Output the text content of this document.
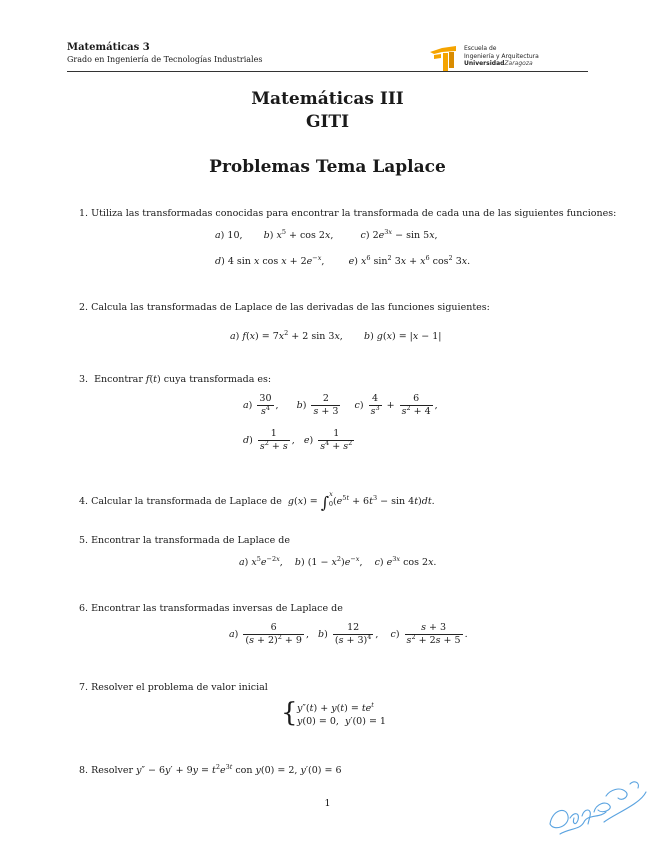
Matemáticas 3
Grado en Ingeniería de Tecnologías Industriales
Escuela de
Ingeniería y Arquitectura
UniversidadZaragoza
Matemáticas III
GITI
Problemas Tema Laplace
1. Utiliza las transformadas conocidas para encontrar la transformada de cada una de las siguientes funciones:
a) 10,       b) $x^5 + \cos 2x$,         c) $2e^{3x} - \sin 5x$,
d) 4 sin x $\cos x + 2e^{-x}$,        e) $x^6$ $\sin^2 3x + x^6$ $\cos^2 3x$.
2. Calcula las transformadas de Laplace de las derivadas de las funciones siguientes:
a) $f(x) = 7x^2 + 2$ sin 3x,       b) g(x) = |x − 1|
3.  Encontrar f(t) cuya transformada es:
$a) \frac{30}{s^4}$ ,      $b) \frac{2}{s + 3} c) \frac{4}{s^3} + \frac{6}{s^2 + 4}$ ,
$d) \frac{1}{s^2 + s}$ ,   $e) \frac{1}{s^4 + s^2}$
4. Calcular la transformada de Laplace de $g(x) = \int^x_0(e^{5t} + 6t^3 - \sin 4t)dt$.
5. Encontrar la transformada de Laplace de
a) $x^5e^{-2x}$,    b) $(1 - x^2)e^{-x}$,    c) $e^{3x}$ cos 2x.
6. Encontrar las transformadas inversas de Laplace de
$a) \frac{6}{(s + 2)^2 + 9}$ ,   $b) \frac{12}{(s + 3)^4}$ ,    $c) \frac{s + 3}{s^2 + 2s + 5}$ .
7. Resolver el problema de valor inicial
{ $y''(t) + y(t) = te^t$
y(0) = 0,  y′(0) = 1
8. Resolver $y'' - 6y' + 9y = t^2e^{3t}$ con y(0) = 2, y′(0) = 6
1
